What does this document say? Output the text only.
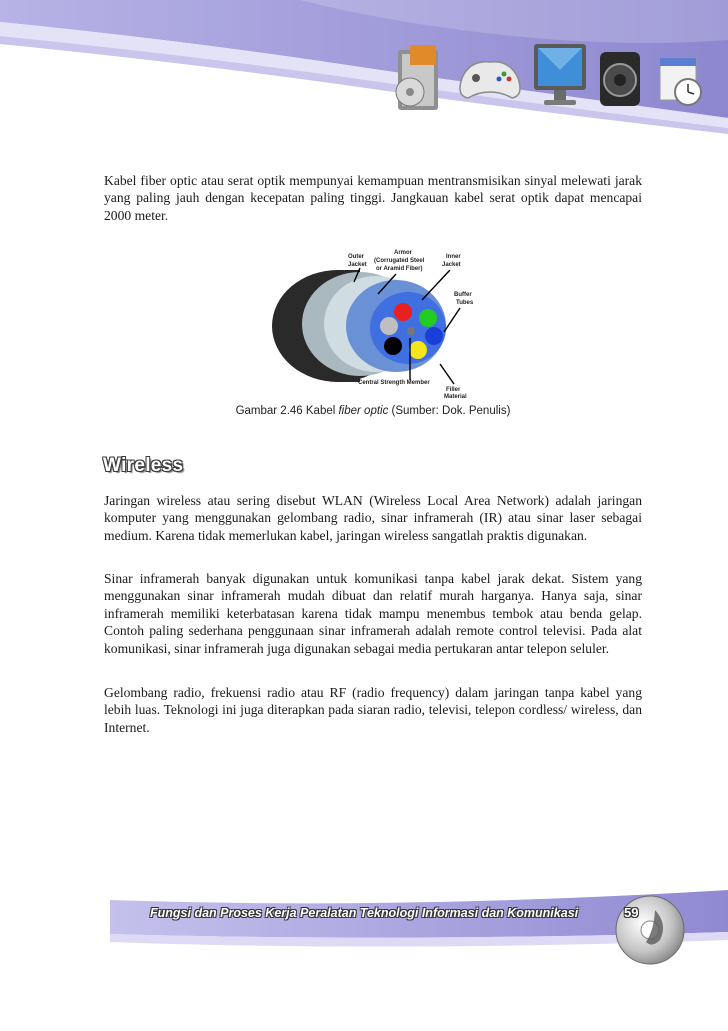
Kabel fiber optic atau serat optik mempunyai kemampuan mentransmisikan sinyal melewati jarak yang paling jauh dengan kecepatan paling tinggi. Jangkauan kabel serat optik dapat mencapai 2000 meter.

Outer
Jacket
Armor
(Corrugated Steel
or Aramid Fiber)
Inner
Jacket
Buffer
Tubes
Central Strength Member
Filler
Material
Gambar 2.46 Kabel fiber optic (Sumber: Dok. Penulis)
Wireless

Jaringan wireless atau sering disebut WLAN (Wireless Local Area Network) adalah jaringan komputer yang menggunakan gelombang radio, sinar inframerah (IR) atau sinar laser sebagai medium. Karena tidak memerlukan kabel, jaringan wireless sangatlah praktis digunakan.

Sinar inframerah banyak digunakan untuk komunikasi tanpa kabel jarak dekat. Sistem yang menggunakan sinar inframerah mudah dibuat dan relatif murah harganya. Hanya saja, sinar inframerah memiliki keterbatasan karena tidak mampu menembus tembok atau benda gelap. Contoh paling sederhana penggunaan sinar inframerah adalah remote control televisi. Pada alat komunikasi, sinar inframerah juga digunakan sebagai media pertukaran antar telepon seluler.

Gelombang radio, frekuensi radio atau RF (radio frequency) dalam jaringan tanpa kabel yang lebih luas. Teknologi ini juga diterapkan pada siaran radio, televisi, telepon cordless/ wireless, dan Internet.

Fungsi dan Proses Kerja Peralatan Teknologi Informasi dan Komunikasi	59
